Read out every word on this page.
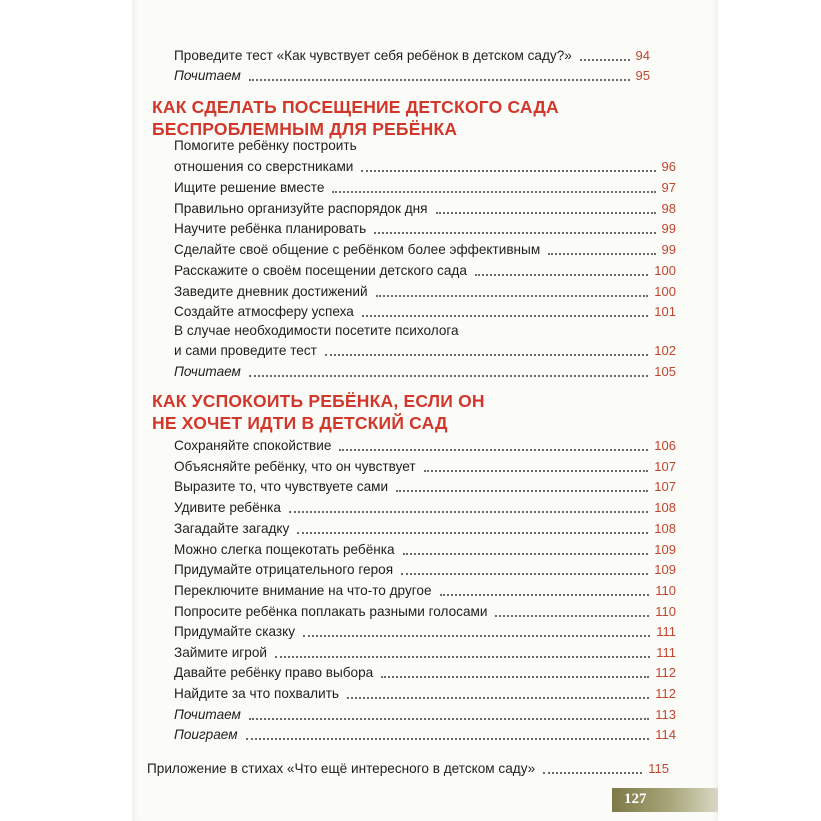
Проведите тест «Как чувствует себя ребёнок в детском саду?»	94
Почитаем	95
КАК СДЕЛАТЬ ПОСЕЩЕНИЕ ДЕТСКОГО САДА
БЕСПРОБЛЕМНЫМ ДЛЯ РЕБЁНКА
Помогите ребёнку построить
отношения со сверстниками	96
Ищите решение вместе	97
Правильно организуйте распорядок дня	98
Научите ребёнка планировать	99
Сделайте своё общение с ребёнком более эффективным	99
Расскажите о своём посещении детского сада	100
Заведите дневник достижений	100
Создайте атмосферу успеха	101
В случае необходимости посетите психолога
и сами проведите тест	102
Почитаем	105
КАК УСПОКОИТЬ РЕБЁНКА, ЕСЛИ ОН
НЕ ХОЧЕТ ИДТИ В ДЕТСКИЙ САД
Сохраняйте спокойствие	106
Объясняйте ребёнку, что он чувствует	107
Выразите то, что чувствуете сами	107
Удивите ребёнка	108
Загадайте загадку	108
Можно слегка пощекотать ребёнка	109
Придумайте отрицательного героя	109
Переключите внимание на что-то другое	110
Попросите ребёнка поплакать разными голосами	110
Придумайте сказку	111
Займите игрой	111
Давайте ребёнку право выбора	112
Найдите за что похвалить	112
Почитаем	113
Поиграем	114
Приложение в стихах «Что ещё интересного в детском саду»	115
127
